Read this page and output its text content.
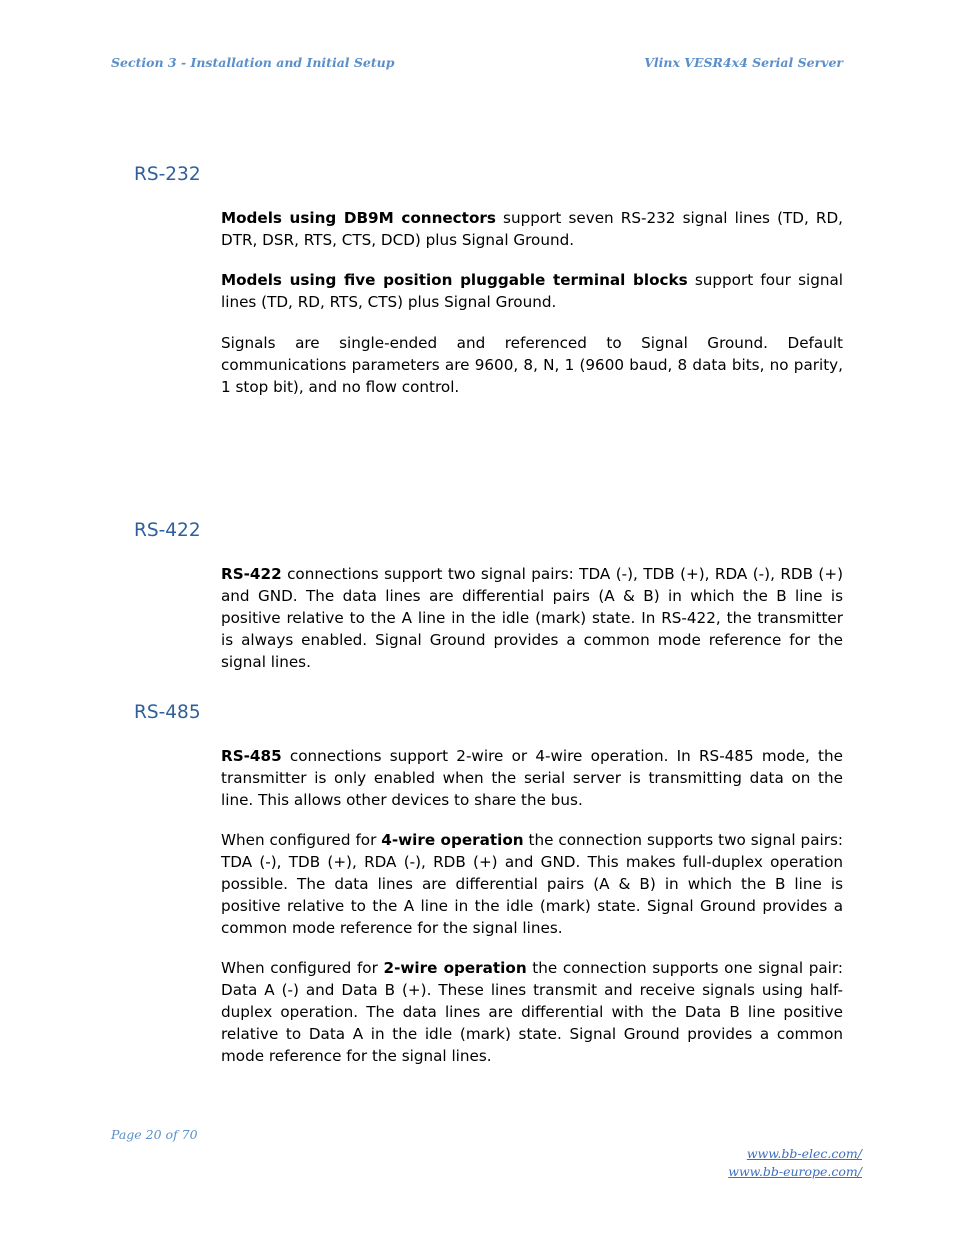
Section 3 - Installation and Initial Setup	Vlinx VESR4x4 Serial Server
RS-232

Models using DB9M connectors support seven RS-232 signal lines (TD, RD, DTR, DSR, RTS, CTS, DCD) plus Signal Ground.

Models using five position pluggable terminal blocks support four signal lines (TD, RD, RTS, CTS) plus Signal Ground.

Signals are single-ended and referenced to Signal Ground. Default communications parameters are 9600, 8, N, 1 (9600 baud, 8 data bits, no parity, 1 stop bit), and no flow control.

RS-422

RS-422 connections support two signal pairs: TDA (-), TDB (+), RDA (-), RDB (+) and GND. The data lines are differential pairs (A & B) in which the B line is positive relative to the A line in the idle (mark) state. In RS-422, the transmitter is always enabled. Signal Ground provides a common mode reference for the signal lines.

RS-485

RS-485 connections support 2-wire or 4-wire operation. In RS-485 mode, the transmitter is only enabled when the serial server is transmitting data on the line. This allows other devices to share the bus.

When configured for 4-wire operation the connection supports two signal pairs: TDA (-), TDB (+), RDA (-), RDB (+) and GND. This makes full-duplex operation possible. The data lines are differential pairs (A & B) in which the B line is positive relative to the A line in the idle (mark) state. Signal Ground provides a common mode reference for the signal lines.

When configured for 2-wire operation the connection supports one signal pair: Data A (-) and Data B (+). These lines transmit and receive signals using half-duplex operation. The data lines are differential with the Data B line positive relative to Data A in the idle (mark) state. Signal Ground provides a common mode reference for the signal lines.

Page 20 of 70
www.bb-elec.com/
www.bb-europe.com/
